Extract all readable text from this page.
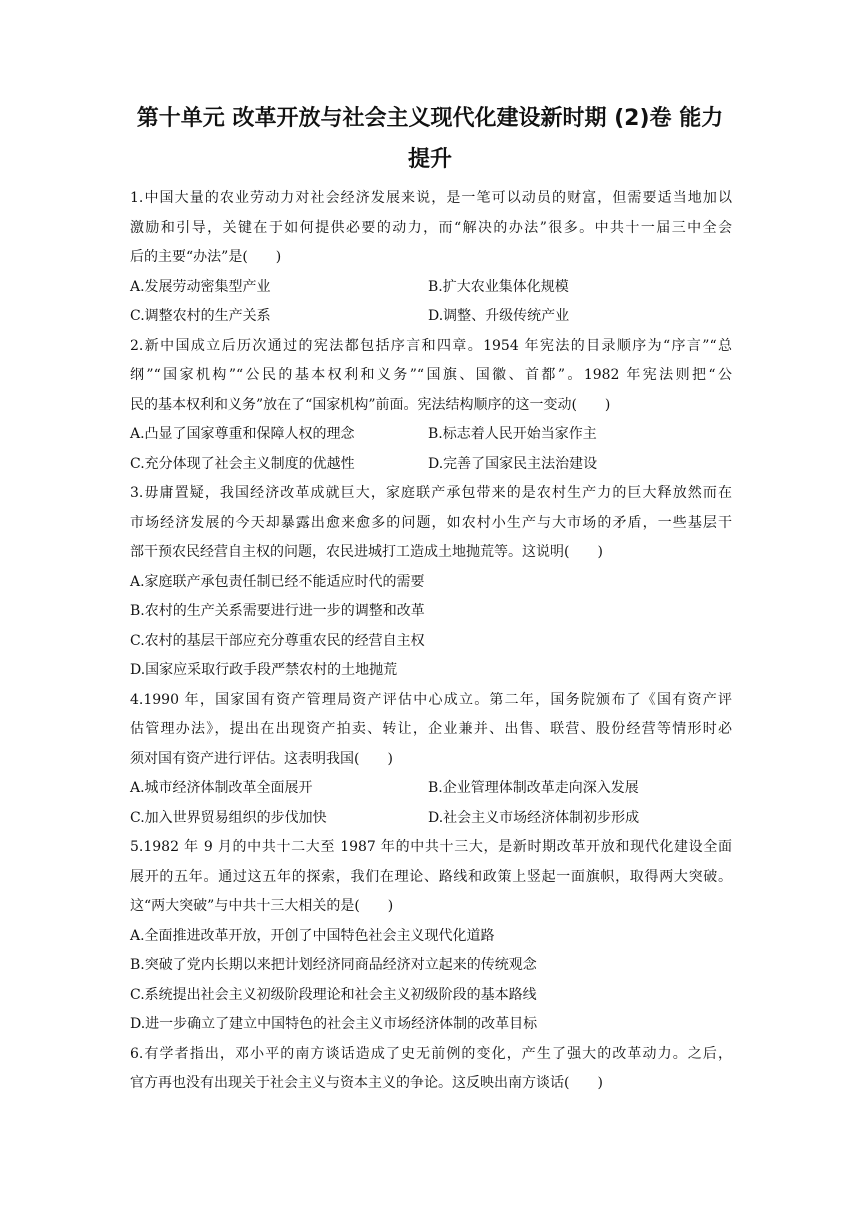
第十单元 改革开放与社会主义现代化建设新时期 (2)卷 能力
提升
1.中国大量的农业劳动力对社会经济发展来说，是一笔可以动员的财富，但需要适当地加以
激励和引导，关键在于如何提供必要的动力，而“解决的办法”很多。中共十一届三中全会
后的主要“办法”是(　　)
A.发展劳动密集型产业	B.扩大农业集体化规模
C.调整农村的生产关系	D.调整、升级传统产业
2.新中国成立后历次通过的宪法都包括序言和四章。1954 年宪法的目录顺序为“序言”“总
纲”“国家机构”“公民的基本权利和义务”“国旗、国徽、首都”。1982 年宪法则把“公
民的基本权利和义务”放在了“国家机构”前面。宪法结构顺序的这一变动(　　)
A.凸显了国家尊重和保障人权的理念	B.标志着人民开始当家作主
C.充分体现了社会主义制度的优越性	D.完善了国家民主法治建设
3.毋庸置疑，我国经济改革成就巨大，家庭联产承包带来的是农村生产力的巨大释放然而在
市场经济发展的今天却暴露出愈来愈多的问题，如农村小生产与大市场的矛盾，一些基层干
部干预农民经营自主权的问题，农民进城打工造成土地抛荒等。这说明(　　)
A.家庭联产承包责任制已经不能适应时代的需要
B.农村的生产关系需要进行进一步的调整和改革
C.农村的基层干部应充分尊重农民的经营自主权
D.国家应采取行政手段严禁农村的土地抛荒
4.1990 年，国家国有资产管理局资产评估中心成立。第二年，国务院颁布了《国有资产评
估管理办法》，提出在出现资产拍卖、转让，企业兼并、出售、联营、股份经营等情形时必
须对国有资产进行评估。这表明我国(　　)
A.城市经济体制改革全面展开	B.企业管理体制改革走向深入发展
C.加入世界贸易组织的步伐加快	D.社会主义市场经济体制初步形成
5.1982 年 9 月的中共十二大至 1987 年的中共十三大，是新时期改革开放和现代化建设全面
展开的五年。通过这五年的探索，我们在理论、路线和政策上竖起一面旗帜，取得两大突破。
这“两大突破”与中共十三大相关的是(　　)
A.全面推进改革开放，开创了中国特色社会主义现代化道路
B.突破了党内长期以来把计划经济同商品经济对立起来的传统观念
C.系统提出社会主义初级阶段理论和社会主义初级阶段的基本路线
D.进一步确立了建立中国特色的社会主义市场经济体制的改革目标
6.有学者指出，邓小平的南方谈话造成了史无前例的变化，产生了强大的改革动力。之后，
官方再也没有出现关于社会主义与资本主义的争论。这反映出南方谈话(　　)
